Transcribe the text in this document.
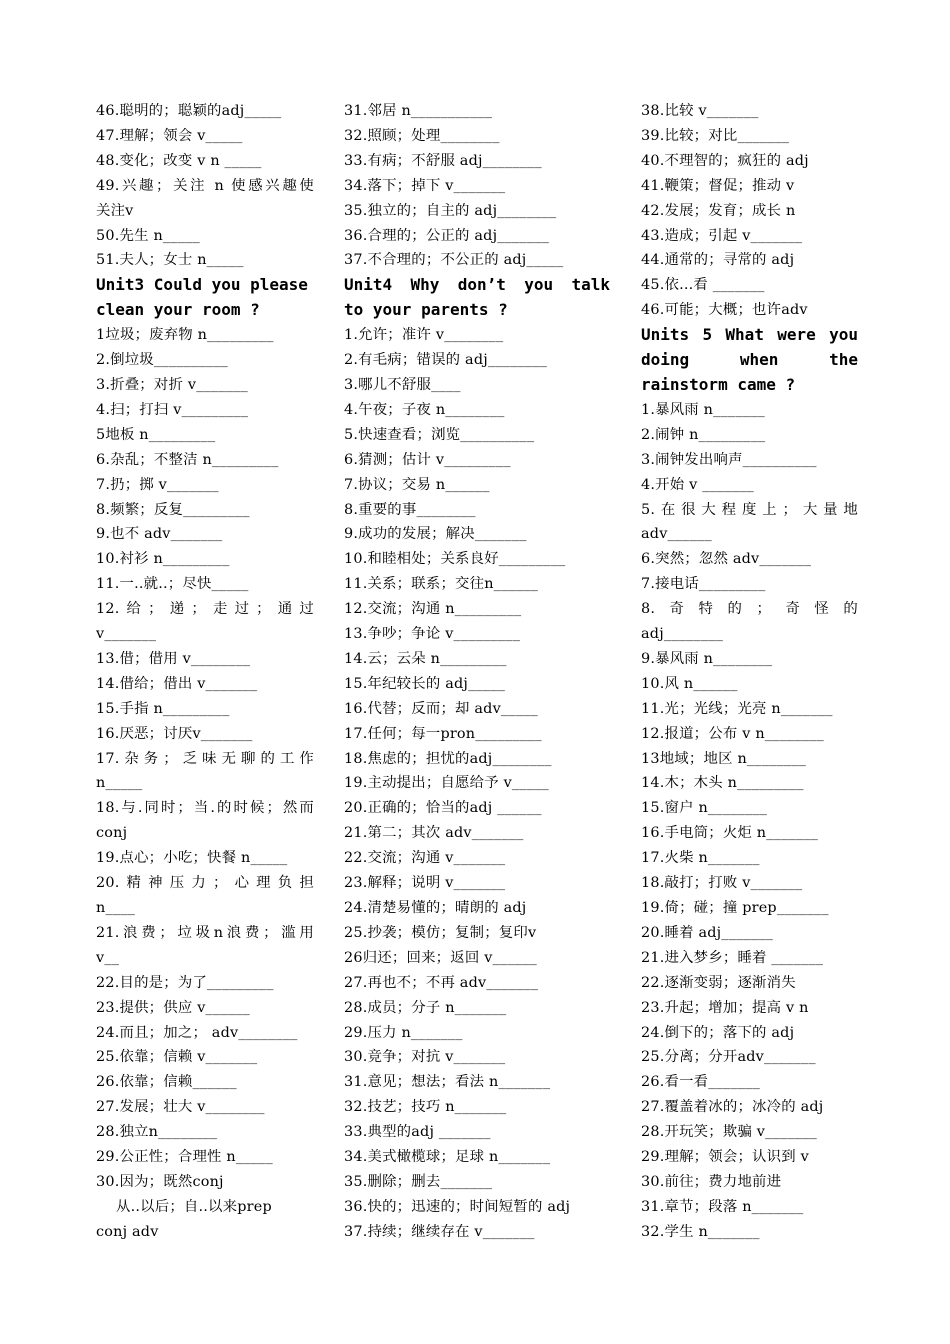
46.聪明的；聪颖的adj_____
47.理解；领会 v_____
48.变化；改变 v n _____
49.兴趣；关注 n 使感兴趣使
关注v
50.先生 n_____
51.夫人；女士 n_____
Unit3 Could you please
clean your room ?
1垃圾；废弃物 n_________
2.倒垃圾__________
3.折叠；对折 v_______
4.扫；打扫 v_________
5地板 n_________
6.杂乱；不整洁 n_________
7.扔；掷 v_______
8.频繁；反复_________
9.也不 adv_______
10.衬衫 n_________
11.一..就..；尽快_____
12.给；递；走过；通过
v_______
13.借；借用 v________
14.借给；借出 v_______
15.手指 n_________
16.厌恶；讨厌v_______
17.杂务；乏味无聊的工作
n_____
18.与.同时；当.的时候；然而
conj
19.点心；小吃；快餐 n_____
20.精神压力；心理负担
n____
21.浪费；垃圾n浪费；滥用
v__
22.目的是；为了_________
23.提供；供应 v______
24.而且；加之； adv________
25.依靠；信赖 v_______
26.依靠；信赖______
27.发展；壮大 v________
28.独立n________
29.公正性；合理性 n_____
30.因为；既然conj
从..以后；自..以来prep
conj adv
31.邻居 n___________
32.照顾；处理________
33.有病；不舒服 adj________
34.落下；掉下 v_______
35.独立的；自主的 adj________
36.合理的；公正的 adj_______
37.不合理的；不公正的 adj_____
Unit4 Why don’t you talk
to your parents ?
1.允许；准许 v________
2.有毛病；错误的 adj________
3.哪儿不舒服____
4.午夜；子夜 n________
5.快速查看；浏览__________
6.猜测；估计 v_________
7.协议；交易 n______
8.重要的事________
9.成功的发展；解决_______
10.和睦相处；关系良好_________
11.关系；联系；交往n______
12.交流；沟通 n_________
13.争吵；争论 v_________
14.云；云朵 n_________
15.年纪较长的 adj_____
16.代替；反而；却 adv_____
17.任何；每一pron_________
18.焦虑的；担忧的adj________
19.主动提出；自愿给予 v_____
20.正确的；恰当的adj ______
21.第二；其次 adv_______
22.交流；沟通 v_______
23.解释；说明 v_______
24.清楚易懂的；晴朗的 adj
25.抄袭；模仿；复制；复印v
26归还；回来；返回 v______
27.再也不；不再 adv_______
28.成员；分子 n_______
29.压力 n_______
30.竞争；对抗 v_______
31.意见；想法；看法 n_______
32.技艺；技巧 n_______
33.典型的adj _______
34.美式橄榄球；足球 n_______
35.删除；删去_______
36.快的；迅速的；时间短暂的 adj
37.持续；继续存在 v_______
38.比较 v_______
39.比较；对比_______
40.不理智的；疯狂的 adj
41.鞭策；督促；推动 v
42.发展；发育；成长 n
43.造成；引起 v_______
44.通常的；寻常的 adj
45.依...看 _______
46.可能；大概；也许adv
Units 5 What were you
doing when the
rainstorm came ?
1.暴风雨 n_______
2.闹钟 n_________
3.闹钟发出响声__________
4.开始 v _______
5.在很大程度上；大量地
adv______
6.突然；忽然 adv_______
7.接电话_________
8.奇特的；奇怪的
adj________
9.暴风雨 n________
10.风 n______
11.光；光线；光亮 n_______
12.报道；公布 v n________
13地域；地区 n________
14.木；木头 n_________
15.窗户 n________
16.手电筒；火炬 n_______
17.火柴 n_______
18.敲打；打败 v_______
19.倚；碰；撞 prep_______
20.睡着 adj_______
21.进入梦乡；睡着 _______
22.逐渐变弱；逐渐消失
23.升起；增加；提高 v n
24.倒下的；落下的 adj
25.分离；分开adv_______
26.看一看_______
27.覆盖着冰的；冰冷的 adj
28.开玩笑；欺骗 v_______
29.理解；领会；认识到 v
30.前往；费力地前进
31.章节；段落 n_______
32.学生 n_______
